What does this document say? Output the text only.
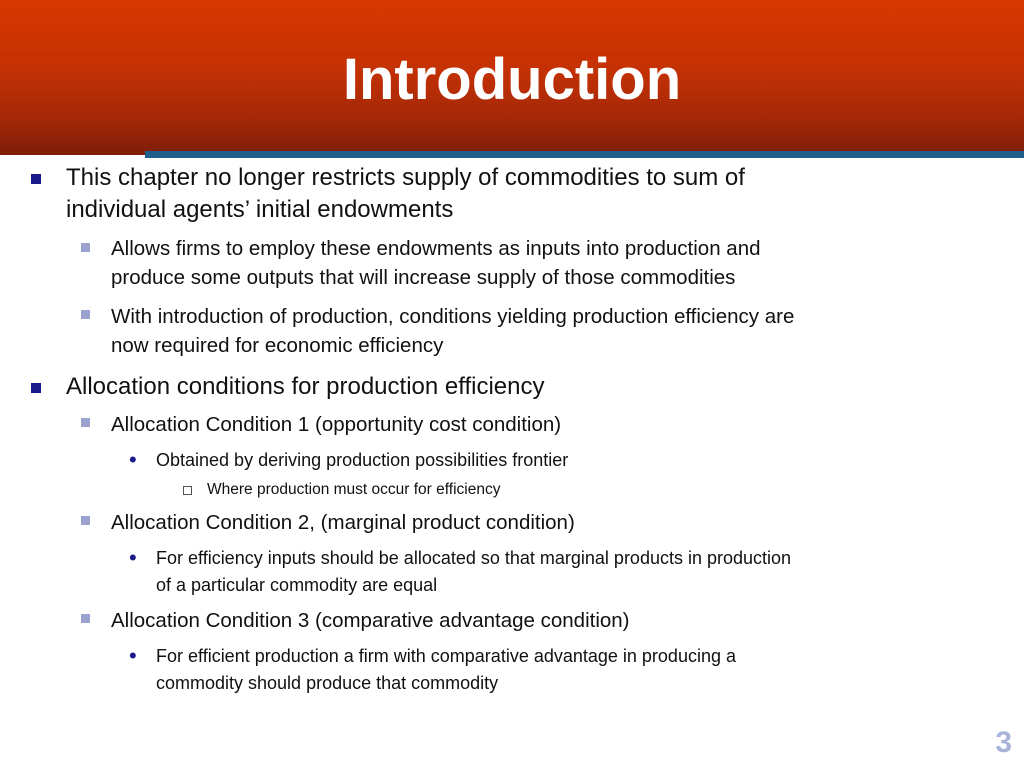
Introduction
This chapter no longer restricts supply of commodities to sum of
individual agents’ initial endowments
Allows firms to employ these endowments as inputs into production and
produce some outputs that will increase supply of those commodities
With introduction of production, conditions yielding production efficiency are
now required for economic efficiency
Allocation conditions for production efficiency
Allocation Condition 1 (opportunity cost condition)
• Obtained by deriving production possibilities frontier
Where production must occur for efficiency
Allocation Condition 2, (marginal product condition)
• For efficiency inputs should be allocated so that marginal products in production
of a particular commodity are equal
Allocation Condition 3 (comparative advantage condition)
• For efficient production a firm with comparative advantage in producing a
commodity should produce that commodity
3
